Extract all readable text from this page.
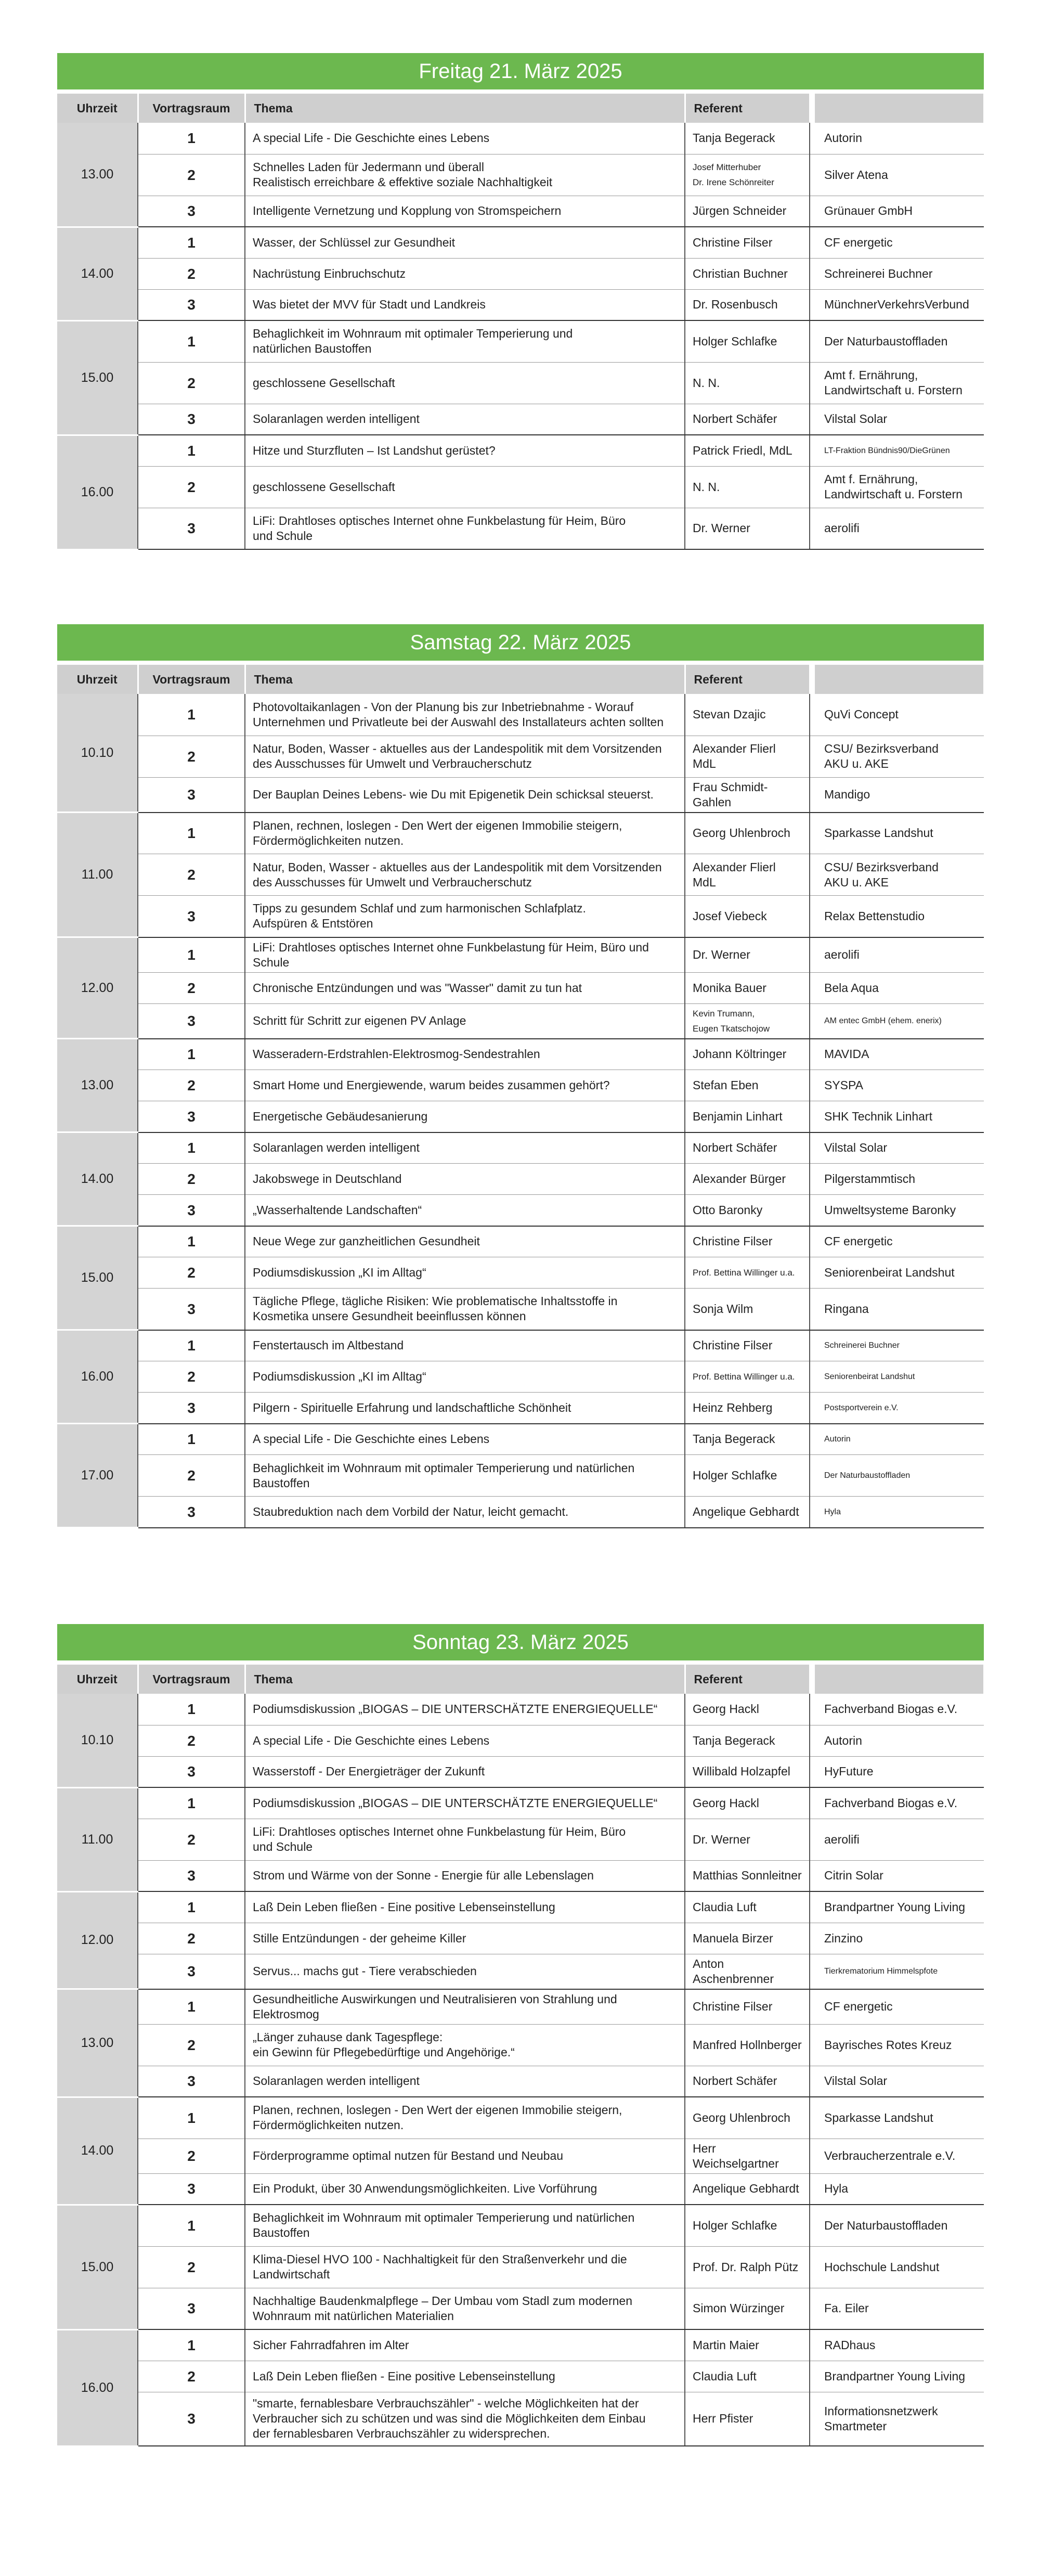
Freitag 21. März 2025
Uhrzeit	Vortragsraum	Thema	Referent		
13.00	1	A special Life - Die Geschichte eines Lebens	Tanja Begerack		Autorin
	2	Schnelles Laden für Jedermann und überall
Realistisch erreichbare & effektive soziale Nachhaltigkeit	Josef Mitterhuber
Dr. Irene Schönreiter		Silver Atena
	3	Intelligente Vernetzung und Kopplung von Stromspeichern	Jürgen Schneider		Grünauer GmbH
14.00	1	Wasser, der Schlüssel zur Gesundheit	Christine Filser		CF energetic
	2	Nachrüstung Einbruchschutz	Christian Buchner		Schreinerei Buchner
	3	Was bietet der MVV für Stadt und Landkreis	Dr. Rosenbusch		MünchnerVerkehrsVerbund
15.00	1	Behaglichkeit im Wohnraum mit optimaler Temperierung und
natürlichen Baustoffen	Holger Schlafke		Der Naturbaustoffladen
	2	geschlossene Gesellschaft	N. N.		Amt f. Ernährung,
Landwirtschaft u. Forstern
	3	Solaranlagen werden intelligent	Norbert Schäfer		Vilstal Solar
16.00	1	Hitze und Sturzfluten – Ist Landshut gerüstet?	Patrick Friedl, MdL		LT-Fraktion Bündnis90/DieGrünen
	2	geschlossene Gesellschaft	N. N.		Amt f. Ernährung,
Landwirtschaft u. Forstern
	3	LiFi: Drahtloses optisches Internet ohne Funkbelastung für Heim, Büro
und Schule	Dr. Werner		aerolifi
Samstag 22. März 2025
Uhrzeit	Vortragsraum	Thema	Referent		
10.10	1	Photovoltaikanlagen - Von der Planung bis zur Inbetriebnahme - Worauf
Unternehmen und Privatleute bei der Auswahl des Installateurs achten sollten	Stevan Dzajic		QuVi Concept
	2	Natur, Boden, Wasser - aktuelles aus der Landespolitik mit dem Vorsitzenden
des Ausschusses für Umwelt und Verbraucherschutz	Alexander Flierl MdL		CSU/ Bezirksverband
AKU u. AKE
	3	Der Bauplan Deines Lebens- wie Du mit Epigenetik Dein schicksal steuerst.	Frau Schmidt-Gahlen		Mandigo
11.00	1	Planen, rechnen, loslegen - Den Wert der eigenen Immobilie steigern,
Fördermöglichkeiten nutzen.	Georg Uhlenbroch		Sparkasse Landshut
	2	Natur, Boden, Wasser - aktuelles aus der Landespolitik mit dem Vorsitzenden
des Ausschusses für Umwelt und Verbraucherschutz	Alexander Flierl MdL		CSU/ Bezirksverband
AKU u. AKE
	3	Tipps zu gesundem Schlaf und zum harmonischen Schlafplatz.
Aufspüren & Entstören	Josef Viebeck		Relax Bettenstudio
12.00	1	LiFi: Drahtloses optisches Internet ohne Funkbelastung für Heim, Büro und Schule	Dr. Werner		aerolifi
	2	Chronische Entzündungen und was "Wasser" damit zu tun hat	Monika Bauer		Bela Aqua
	3	Schritt für Schritt zur eigenen PV Anlage	Kevin Trumann,
Eugen Tkatschojow		AM entec GmbH (ehem. enerix)
13.00	1	Wasseradern-Erdstrahlen-Elektrosmog-Sendestrahlen	Johann Költringer		MAVIDA
	2	Smart Home und Energiewende, warum beides zusammen gehört?	Stefan Eben		SYSPA
	3	Energetische Gebäudesanierung	Benjamin Linhart		SHK Technik Linhart
14.00	1	Solaranlagen werden intelligent	Norbert Schäfer		Vilstal Solar
	2	Jakobswege in Deutschland	Alexander Bürger		Pilgerstammtisch
	3	„Wasserhaltende Landschaften“	Otto Baronky		Umweltsysteme Baronky
15.00	1	Neue Wege zur ganzheitlichen Gesundheit	Christine Filser		CF energetic
	2	Podiumsdiskussion „KI im Alltag“	Prof. Bettina Willinger u.a.		Seniorenbeirat Landshut
	3	Tägliche Pflege, tägliche Risiken: Wie problematische Inhaltsstoffe in
Kosmetika unsere Gesundheit beeinflussen können	Sonja Wilm		Ringana
16.00	1	Fenstertausch im Altbestand	Christine Filser		Schreinerei Buchner
	2	Podiumsdiskussion „KI im Alltag“	Prof. Bettina Willinger u.a.		Seniorenbeirat Landshut
	3	Pilgern - Spirituelle Erfahrung und landschaftliche Schönheit	Heinz Rehberg		Postsportverein e.V.
17.00	1	A special Life - Die Geschichte eines Lebens	Tanja Begerack		Autorin
	2	Behaglichkeit im Wohnraum mit optimaler Temperierung und natürlichen
Baustoffen	Holger Schlafke		Der Naturbaustoffladen
	3	Staubreduktion nach dem Vorbild der Natur, leicht gemacht.	Angelique Gebhardt		Hyla
Sonntag 23. März 2025
Uhrzeit	Vortragsraum	Thema	Referent		
10.10	1	Podiumsdiskussion „BIOGAS – DIE UNTERSCHÄTZTE ENERGIEQUELLE“	Georg Hackl		Fachverband Biogas e.V.
	2	A special Life - Die Geschichte eines Lebens	Tanja Begerack		Autorin
	3	Wasserstoff - Der Energieträger der Zukunft	Willibald Holzapfel		HyFuture
11.00	1	Podiumsdiskussion „BIOGAS – DIE UNTERSCHÄTZTE ENERGIEQUELLE“	Georg Hackl		Fachverband Biogas e.V.
	2	LiFi: Drahtloses optisches Internet ohne Funkbelastung für Heim, Büro
und Schule	Dr. Werner		aerolifi
	3	Strom und Wärme von der Sonne - Energie für alle Lebenslagen	Matthias Sonnleitner		Citrin Solar
12.00	1	Laß Dein Leben fließen - Eine positive Lebenseinstellung	Claudia Luft		Brandpartner Young Living
	2	Stille Entzündungen - der geheime Killer	Manuela Birzer		Zinzino
	3	Servus... machs gut - Tiere verabschieden	Anton Aschenbrenner		Tierkrematorium Himmelspfote
13.00	1	Gesundheitliche Auswirkungen und Neutralisieren von Strahlung und Elektrosmog	Christine Filser		CF energetic
	2	„Länger zuhause dank Tagespflege:
ein Gewinn für Pflegebedürftige und Angehörige.“	Manfred Hollnberger		Bayrisches Rotes Kreuz
	3	Solaranlagen werden intelligent	Norbert Schäfer		Vilstal Solar
14.00	1	Planen, rechnen, loslegen - Den Wert der eigenen Immobilie steigern,
Fördermöglichkeiten nutzen.	Georg Uhlenbroch		Sparkasse Landshut
	2	Förderprogramme optimal nutzen für Bestand und Neubau	Herr Weichselgartner		Verbraucherzentrale e.V.
	3	Ein Produkt, über 30 Anwendungsmöglichkeiten. Live Vorführung	Angelique Gebhardt		Hyla
15.00	1	Behaglichkeit im Wohnraum mit optimaler Temperierung und natürlichen
Baustoffen	Holger Schlafke		Der Naturbaustoffladen
	2	Klima-Diesel HVO 100 - Nachhaltigkeit für den Straßenverkehr und die
Landwirtschaft	Prof. Dr. Ralph Pütz		Hochschule Landshut
	3	Nachhaltige Baudenkmalpflege – Der Umbau vom Stadl zum modernen
Wohnraum mit natürlichen Materialien	Simon Würzinger		Fa. Eiler
16.00	1	Sicher Fahrradfahren im Alter	Martin Maier		RADhaus
	2	Laß Dein Leben fließen - Eine positive Lebenseinstellung	Claudia Luft		Brandpartner Young Living
	3	"smarte, fernablesbare Verbrauchszähler" - welche Möglichkeiten hat der
Verbraucher sich zu schützen und was sind die Möglichkeiten dem Einbau
der fernablesbaren Verbrauchszähler zu widersprechen.	Herr Pfister		Informationsnetzwerk
Smartmeter
